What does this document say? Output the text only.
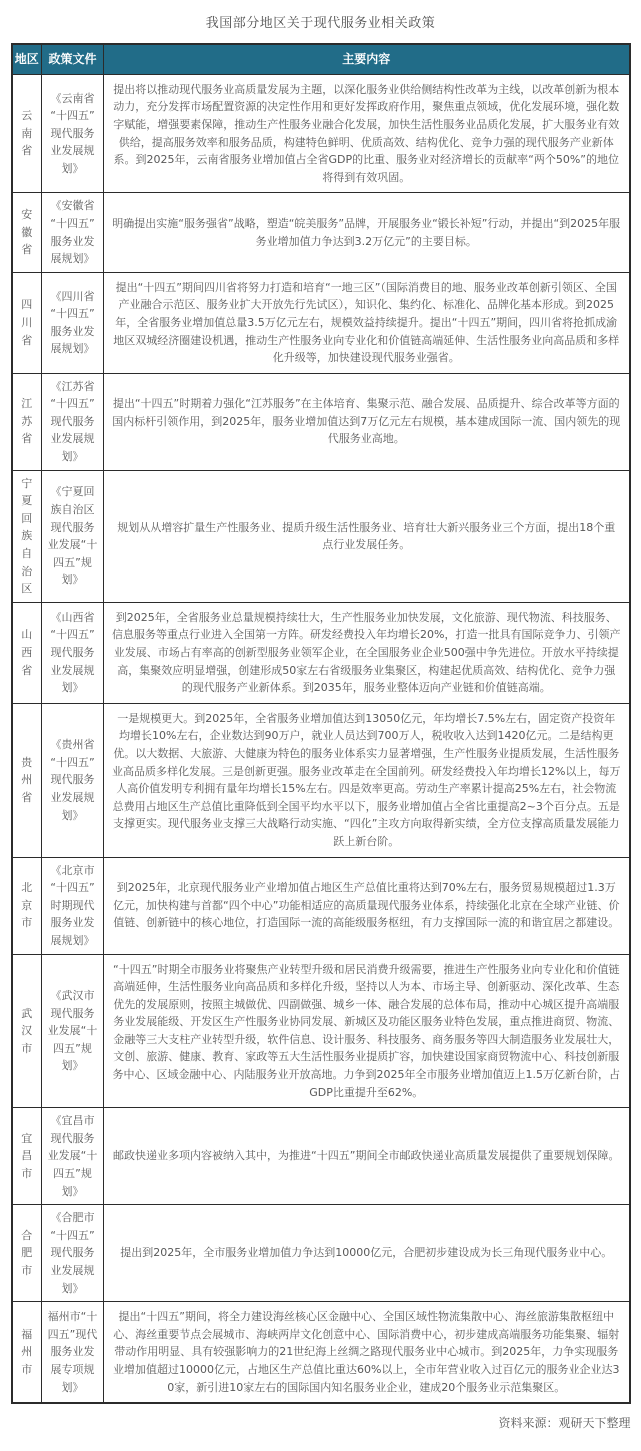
我国部分地区关于现代服务业相关政策
地区	政策文件	主要内容

云南省	《云南省“十四五”现代服务业发展规划》	提出将以推动现代服务业高质量发展为主题，以深化服务业供给侧结构性改革为主线，以改革创新为根本动力，充分发挥市场配置资源的决定性作用和更好发挥政府作用，聚焦重点领域，优化发展环境，强化数字赋能，增强要素保障，推动生产性服务业融合化发展，加快生活性服务业品质化发展，扩大服务业有效供给，提高服务效率和服务品质，构建特色鲜明、优质高效、结构优化、竞争力强的现代服务产业新体系。到2025年，云南省服务业增加值占全省GDP的比重、服务业对经济增长的贡献率“两个50%”的地位将得到有效巩固。

安徽省	《安徽省“十四五”服务业发展规划》	明确提出实施“服务强省”战略，塑造“皖美服务”品牌，开展服务业“锻长补短”行动，并提出“到2025年服务业增加值力争达到3.2万亿元”的主要目标。

四川省	《四川省“十四五”服务业发展规划》	提出“十四五”期间四川省将努力打造和培育“一地三区”（国际消费目的地、服务业改革创新引领区、全国产业融合示范区、服务业扩大开放先行先试区），知识化、集约化、标准化、品牌化基本形成。到2025年，全省服务业增加值总量3.5万亿元左右，规模效益持续提升。提出“十四五”期间，四川省将抢抓成渝地区双城经济圈建设机遇，推动生产性服务业向专业化和价值链高端延伸、生活性服务业向高品质和多样化升级等，加快建设现代服务业强省。

江苏省	《江苏省“十四五”现代服务业发展规划》	提出“十四五”时期着力强化“江苏服务”在主体培育、集聚示范、融合发展、品质提升、综合改革等方面的国内标杆引领作用，到2025年，服务业增加值达到7万亿元左右规模，基本建成国际一流、国内领先的现代服务业高地。

宁夏回族自治区	《宁夏回族自治区现代服务业发展“十四五”规划》	规划从从增容扩量生产性服务业、提质升级生活性服务业、培育壮大新兴服务业三个方面，提出18个重点行业发展任务。

山西省	《山西省“十四五”现代服务业发展规划》	到2025年，全省服务业总量规模持续壮大，生产性服务业加快发展，文化旅游、现代物流、科技服务、信息服务等重点行业进入全国第一方阵。研发经费投入年均增长20%，打造一批具有国际竞争力、引领产业发展、市场占有率高的创新型服务业领军企业，在全国服务业企业500强中争先进位。开放水平持续提高，集聚效应明显增强，创建形成50家左右省级服务业集聚区，构建起优质高效、结构优化、竞争力强的现代服务产业新体系。到2035年，服务业整体迈向产业链和价值链高端。

贵州省	《贵州省“十四五”现代服务业发展规划》	一是规模更大。到2025年，全省服务业增加值达到13050亿元，年均增长7.5%左右，固定资产投资年均增长10%左右，企业数达到90万户，就业人员达到700万人，税收收入达到1420亿元。二是结构更优。以大数据、大旅游、大健康为特色的服务业体系实力显著增强，生产性服务业提质发展，生活性服务业高品质多样化发展。三是创新更强。服务业改革走在全国前列。研发经费投入年均增长12%以上，每万人高价值发明专利拥有量年均增长15%左右。四是效率更高。劳动生产率累计提高25%左右，社会物流总费用占地区生产总值比重降低到全国平均水平以下，服务业增加值占全省比重提高2~3个百分点。五是支撑更实。现代服务业支撑三大战略行动实施、“四化”主攻方向取得新实绩，全方位支撑高质量发展能力跃上新台阶。

北京市	《北京市“十四五”时期现代服务业发展规划》	到2025年，北京现代服务业产业增加值占地区生产总值比重将达到70%左右，服务贸易规模超过1.3万亿元，加快构建与首都“四个中心”功能相适应的高质量现代服务业体系，持续强化北京在全球产业链、价值链、创新链中的核心地位，打造国际一流的高能级服务枢纽，有力支撑国际一流的和谐宜居之都建设。

武汉市	《武汉市现代服务业发展“十四五”规划》	“十四五”时期全市服务业将聚焦产业转型升级和居民消费升级需要，推进生产性服务业向专业化和价值链高端延伸，生活性服务业向高品质和多样化升级，坚持以人为本、市场主导、创新驱动、深化改革、生态优先的发展原则，按照主城做优、四副做强、城乡一体、融合发展的总体布局，推动中心城区提升高端服务业发展能级、开发区生产性服务业协同发展、新城区及功能区服务业特色发展，重点推进商贸、物流、金融等三大支柱产业转型升级，软件信息、设计服务、科技服务、商务服务等四大制造服务业发展壮大，文创、旅游、健康、教育、家政等五大生活性服务业提质扩容，加快建设国家商贸物流中心、科技创新服务中心、区域金融中心、内陆服务业开放高地。力争到2025年全市服务业增加值迈上1.5万亿新台阶，占GDP比重提升至62%。

宜昌市	《宜昌市现代服务业发展“十四五”规划》	邮政快递业多项内容被纳入其中，为推进“十四五”期间全市邮政快递业高质量发展提供了重要规划保障。

合肥市	《合肥市“十四五”现代服务业发展规划》	提出到2025年，全市服务业增加值力争达到10000亿元，合肥初步建设成为长三角现代服务业中心。

福州市	福州市“十四五”现代服务业发展专项规划》	提出“十四五”期间，将全力建设海丝核心区金融中心、全国区域性物流集散中心、海丝旅游集散枢纽中心、海丝重要节点会展城市、海峡两岸文化创意中心、国际消费中心，初步建成高端服务功能集聚、辐射带动作用明显、具有较强影响力的21世纪海上丝绸之路现代服务业中心城市。到2025年，力争实现服务业增加值超过10000亿元，占地区生产总值比重达60%以上，全市年营业收入过百亿元的服务业企业达30家，新引进10家左右的国际国内知名服务业企业，建成20个服务业示范集聚区。
资料来源：观研天下整理
